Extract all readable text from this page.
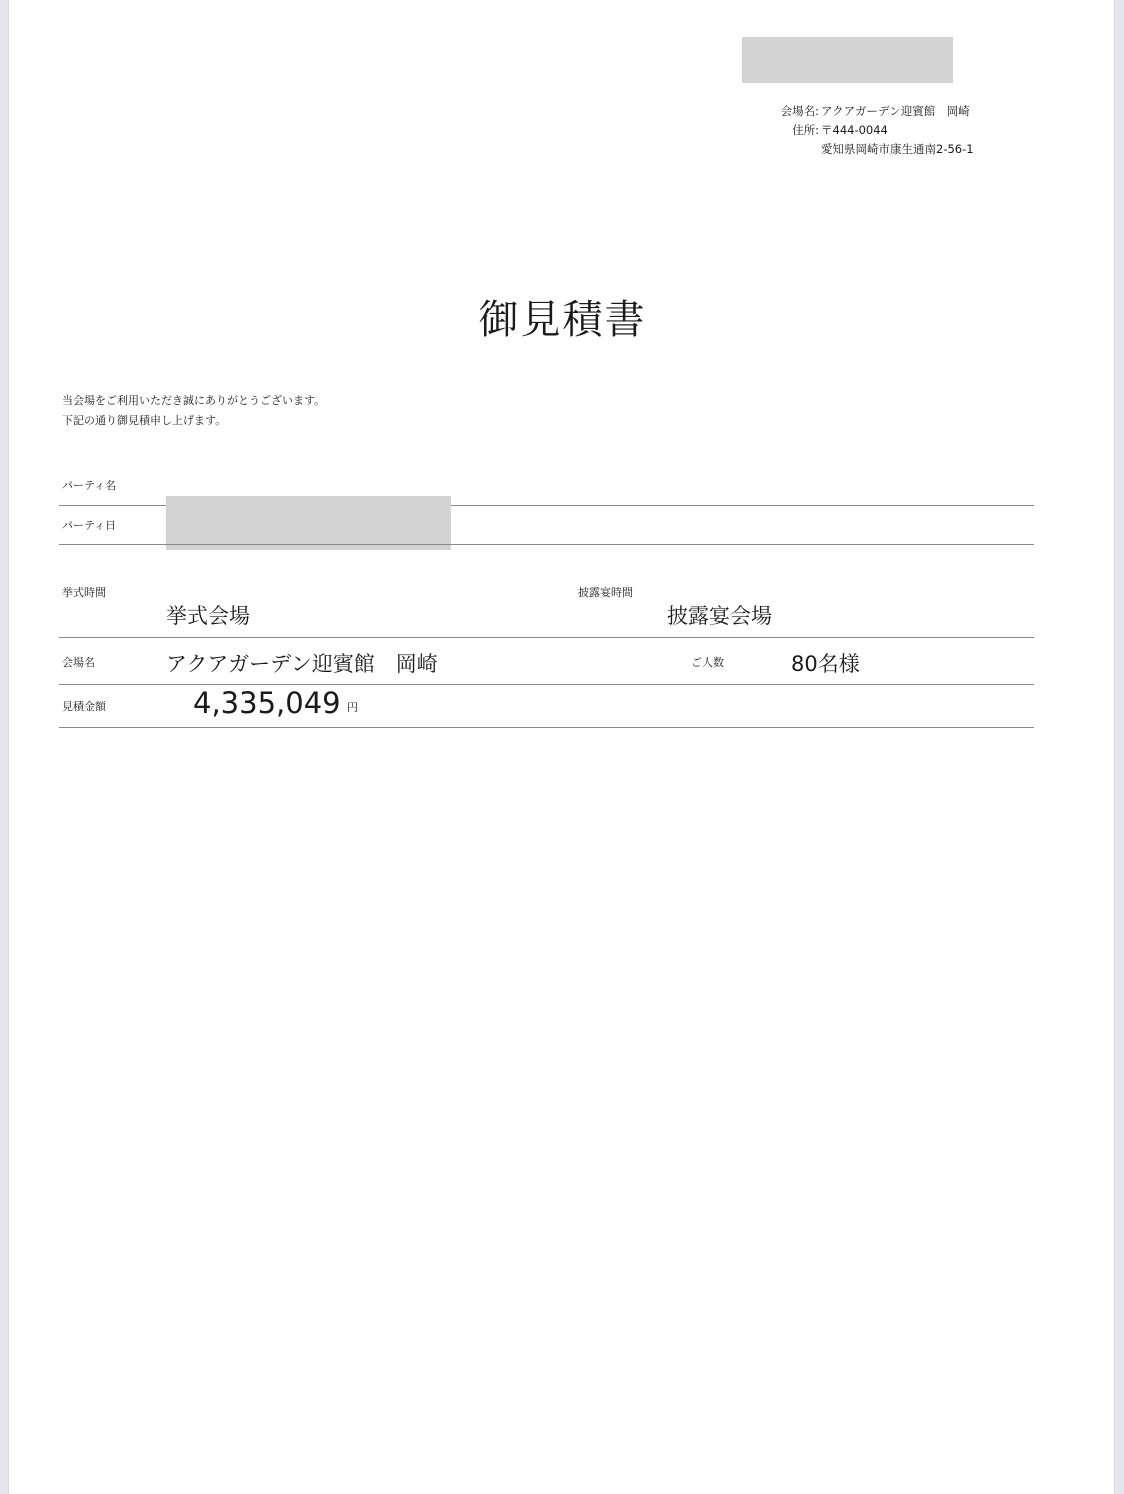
会場名: アクアガーデン迎賓館　岡崎
住所: 〒444-0044
愛知県岡崎市康生通南2-56-1
御見積書
当会場をご利用いただき誠にありがとうございます。
下記の通り御見積申し上げます。
パーティ名
パーティ日
挙式時間
挙式会場
披露宴時間
披露宴会場
会場名	アクアガーデン迎賓館　岡崎	ご人数	80名様
見積金額	4,335,049 円
